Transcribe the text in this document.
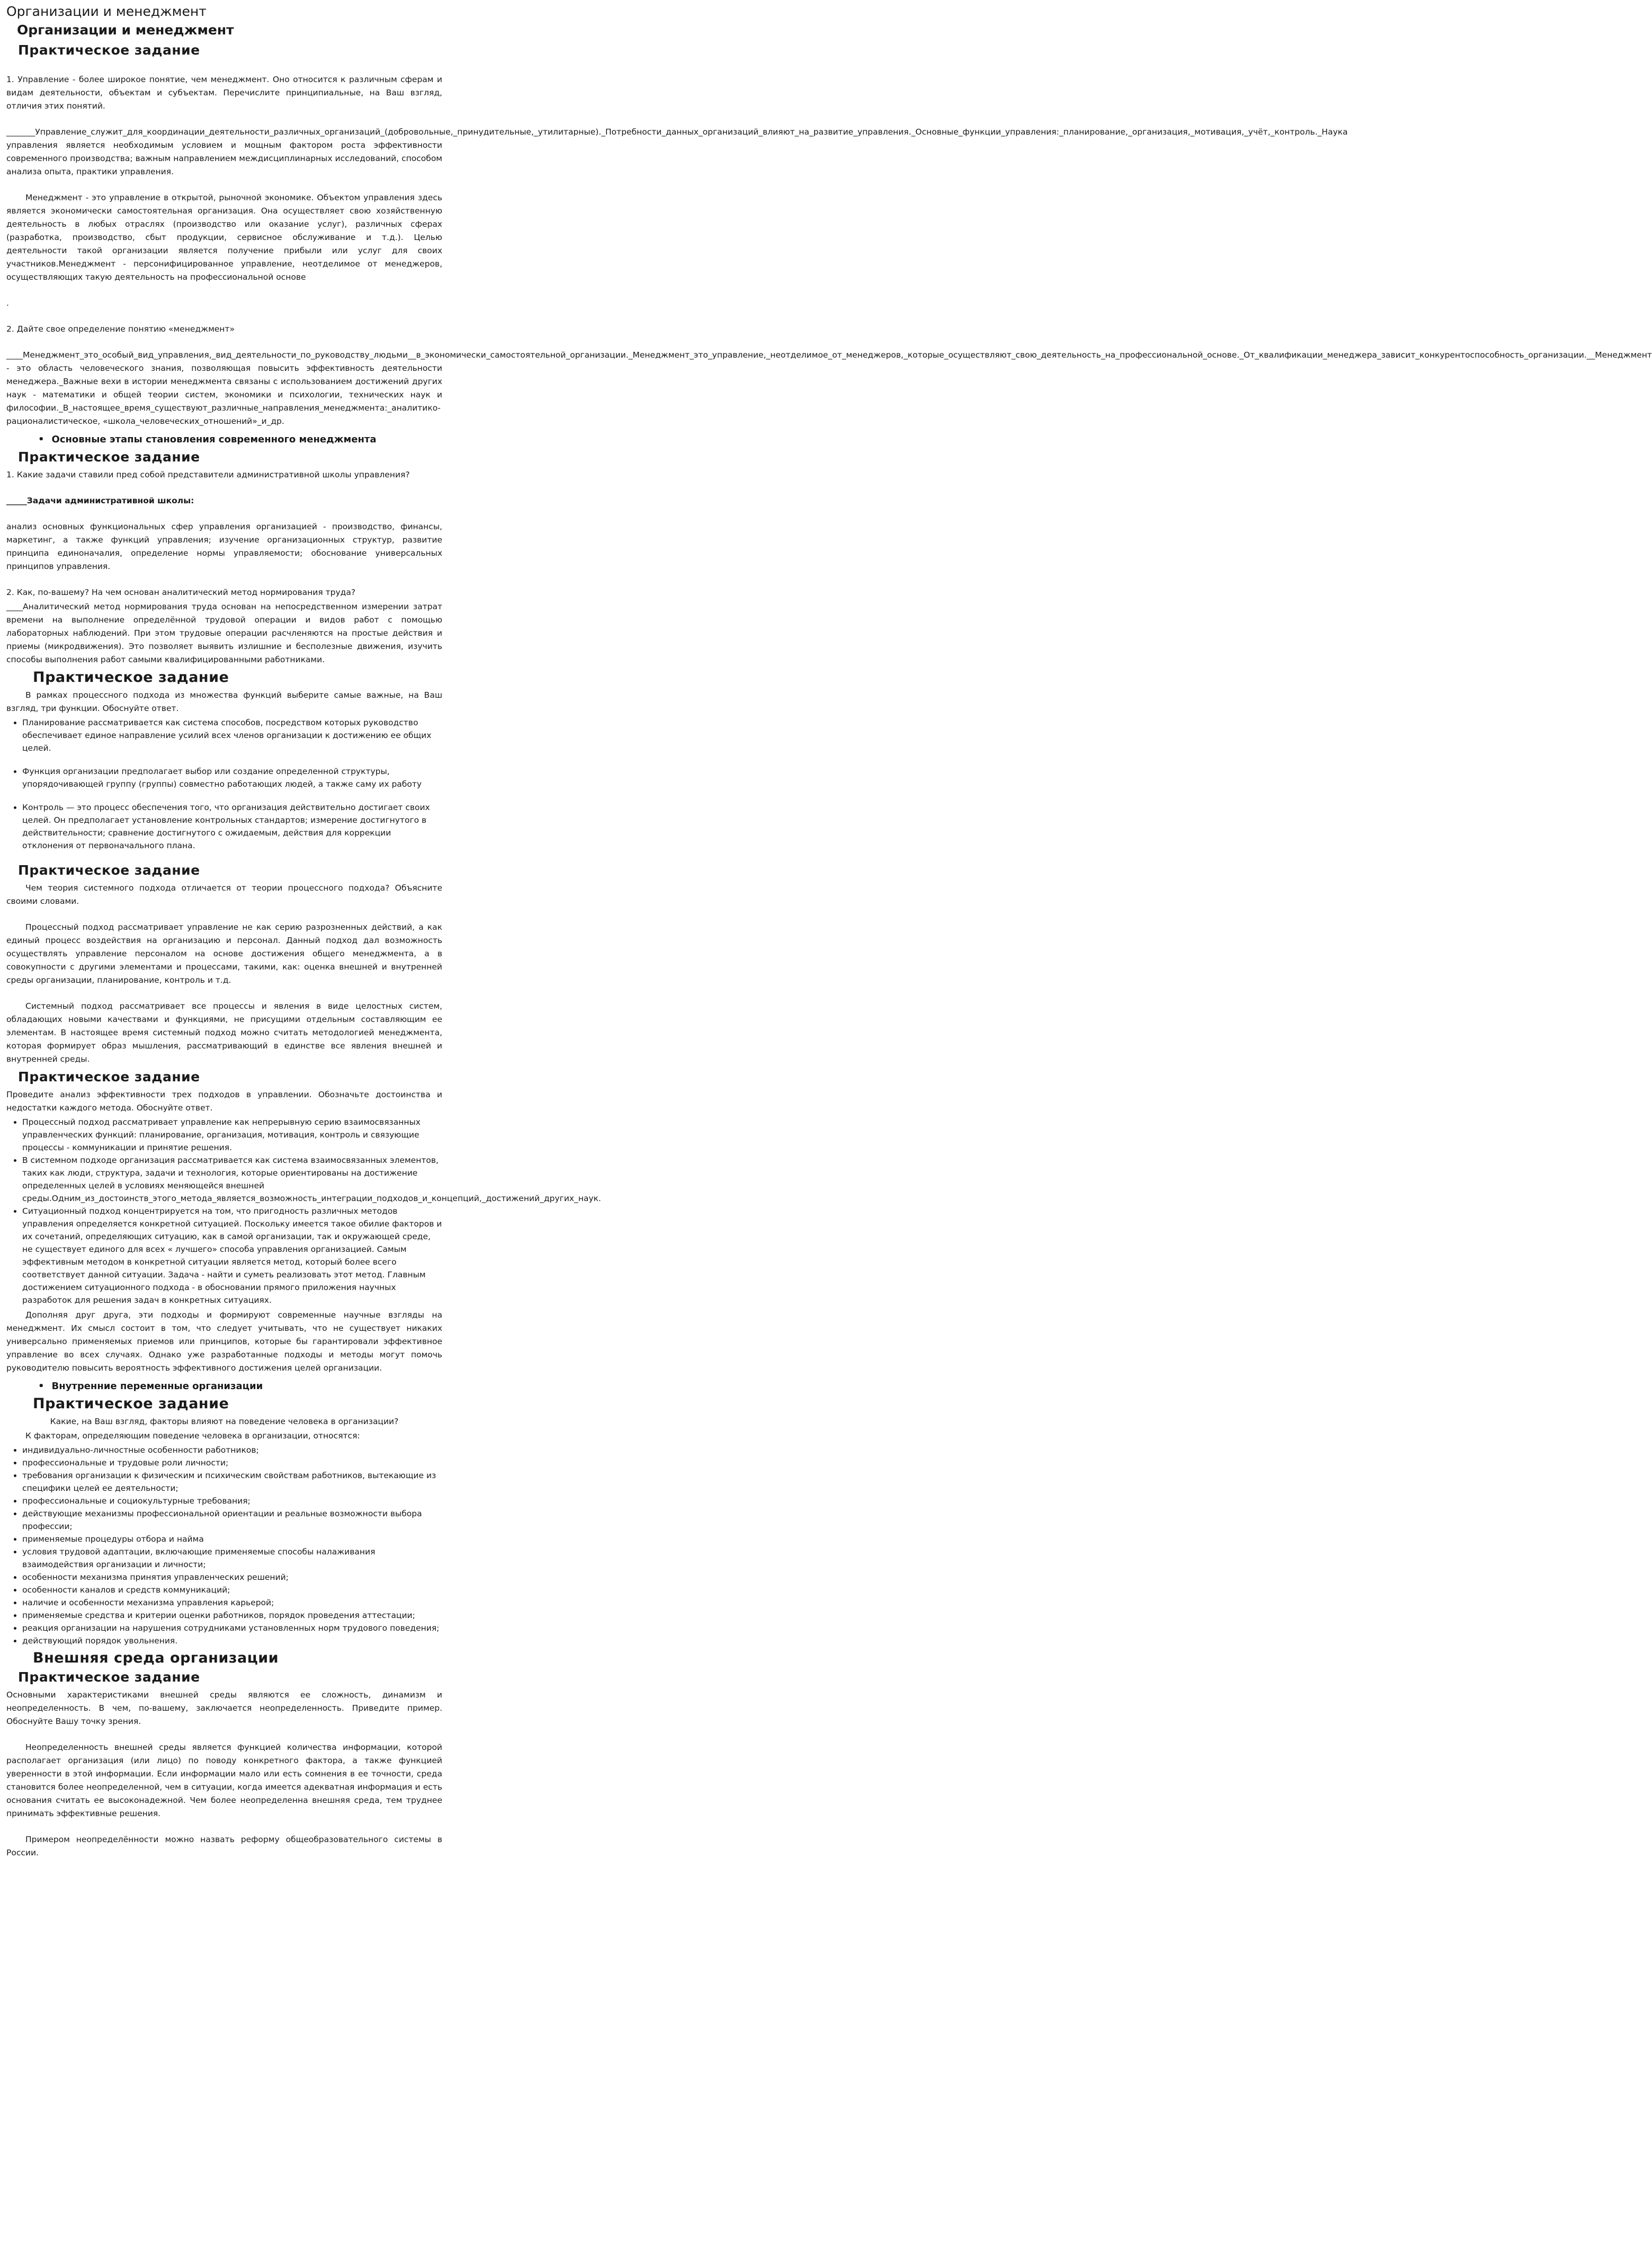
Организации и менеджмент
Организации и менеджмент
Практическое задание

1. Управление - более широкое понятие, чем менеджмент. Оно относится к различным сферам и видам деятельности, объектам и субъектам. Перечислите принципиальные, на Ваш взгляд, отличия этих понятий.

_______Управление_служит_для_координации_деятельности_различных_организаций_(добровольные,_принудительные,_утилитарные)._Потребности_данных_организаций_влияют_на_развитие_управления._Основные_функции_управления:_планирование,_организация,_мотивация,_учёт,_контроль._Наука управления является необходимым условием и мощным фактором роста эффективности современного производства; важным направлением междисциплинарных исследований, способом анализа опыта, практики управления.

Менеджмент - это управление в открытой, рыночной экономике. Объектом управления здесь является экономически самостоятельная организация. Она осуществляет свою хозяйственную деятельность в любых отраслях (производство или оказание услуг), различных сферах (разработка, производство, сбыт продукции, сервисное обслуживание и т.д.). Целью деятельности такой организации является получение прибыли или услуг для своих участников.Менеджмент - персонифицированное управление, неотделимое от менеджеров, осуществляющих такую деятельность на профессиональной основе

.

2. Дайте свое определение понятию «менеджмент»

____Менеджмент_это_особый_вид_управления,_вид_деятельности_по_руководству_людьми__в_экономически_самостоятельной_организации._Менеджмент_это_управление,_неотделимое_от_менеджеров,_которые_осуществляют_свою_деятельность_на_профессиональной_основе._От_квалификации_менеджера_зависит_конкурентоспособность_организации.__Менеджмент - это область человеческого знания, позволяющая повысить эффективность деятельности менеджера._Важные вехи в истории менеджмента связаны с использованием достижений других наук - математики и общей теории систем, экономики и психологии, технических наук и философии._В_настоящее_время_существуют_различные_направления_менеджмента:_аналитико-рационалистическое, «школа_человеческих_отношений»_и_др.

• Основные этапы становления современного менеджмента
Практическое задание

1. Какие задачи ставили пред собой представители административной школы управления?

_____Задачи административной школы:

анализ основных функциональных сфер управления организацией - производство, финансы, маркетинг, а также функций управления; изучение организационных структур, развитие принципа единоначалия, определение нормы управляемости; обоснование универсальных принципов управления.

2. Как, по-вашему? На чем основан аналитический метод нормирования труда?

____Аналитический метод нормирования труда основан на непосредственном измерении затрат времени на выполнение определённой трудовой операции и видов работ с помощью лабораторных наблюдений. При этом трудовые операции расчленяются на простые действия и приемы (микродвижения). Это позволяет выявить излишние и бесполезные движения, изучить способы выполнения работ самыми квалифицированными работниками.

Практическое задание

В рамках процессного подхода из множества функций выберите самые важные, на Ваш взгляд, три функции. Обоснуйте ответ.

• Планирование рассматривается как система способов, посредством которых руководство обеспечивает единое направление усилий всех членов организации к достижению ее общих целей.
• Функция организации предполагает выбор или создание определенной структуры, упорядочивающей группу (группы) совместно работающих людей, а также саму их работу
• Контроль — это процесс обеспечения того, что организация действительно достигает своих целей. Он предполагает установление контрольных стандартов; измерение достигнутого в действительности; сравнение достигнутого с ожидаемым, действия для коррекции отклонения от первоначального плана.
Практическое задание

Чем теория системного подхода отличается от теории процессного подхода? Объясните своими словами.

Процессный подход рассматривает управление не как серию разрозненных действий, а как единый процесс воздействия на организацию и персонал. Данный подход дал возможность осуществлять управление персоналом на основе достижения общего менеджмента, а в совокупности с другими элементами и процессами, такими, как: оценка внешней и внутренней среды организации, планирование, контроль и т.д.

Системный подход рассматривает все процессы и явления в виде целостных систем, обладающих новыми качествами и функциями, не присущими отдельным составляющим ее элементам. В настоящее время системный подход можно считать методологией менеджмента, которая формирует образ мышления, рассматривающий в единстве все явления внешней и внутренней среды.

Практическое задание

Проведите анализ эффективности трех подходов в управлении. Обозначьте достоинства и недостатки каждого метода. Обоснуйте ответ.

• Процессный подход рассматривает управление как непрерывную серию взаимосвязанных управленческих функций: планирование, организация, мотивация, контроль и связующие процессы - коммуникации и принятие решения.
• В системном подходе организация рассматривается как система взаимосвязанных элементов, таких как люди, структура, задачи и технология, которые ориентированы на достижение определенных целей в условиях меняющейся внешней среды.Одним_из_достоинств_этого_метода_является_возможность_интеграции_подходов_и_концепций,_достижений_других_наук.
• Ситуационный подход концентрируется на том, что пригодность различных методов управления определяется конкретной ситуацией. Поскольку имеется такое обилие факторов и их сочетаний, определяющих ситуацию, как в самой организации, так и окружающей среде, не существует единого для всех « лучшего» способа управления организацией. Самым эффективным методом в конкретной ситуации является метод, который более всего соответствует данной ситуации. Задача - найти и суметь реализовать этот метод. Главным достижением ситуационного подхода - в обосновании прямого приложения научных разработок для решения задач в конкретных ситуациях.

Дополняя друг друга, эти подходы и формируют современные научные взгляды на менеджмент. Их смысл состоит в том, что следует учитывать, что не существует никаких универсально применяемых приемов или принципов, которые бы гарантировали эффективное управление во всех случаях. Однако уже разработанные подходы и методы могут помочь руководителю повысить вероятность эффективного достижения целей организации.

• Внутренние переменные организации
Практическое задание

Какие, на Ваш взгляд, факторы влияют на поведение человека в организации?

К факторам, определяющим поведение человека в организации, относятся:

• индивидуально-личностные особенности работников;
• профессиональные и трудовые роли личности;
• требования организации к физическим и психическим свойствам работников, вытекающие из специфики целей ее деятельности;
• профессиональные и социокультурные требования;
• действующие механизмы профессиональной ориентации и реальные возможности выбора профессии;
• применяемые процедуры отбора и найма
• условия трудовой адаптации, включающие применяемые способы налаживания взаимодействия организации и личности;
• особенности механизма принятия управленческих решений;
• особенности каналов и средств коммуникаций;
• наличие и особенности механизма управления карьерой;
• применяемые средства и критерии оценки работников, порядок проведения аттестации;
• реакция организации на нарушения сотрудниками установленных норм трудового поведения;
• действующий порядок увольнения.
Внешняя среда организации
Практическое задание

Основными характеристиками внешней среды являются ее сложность, динамизм и неопределенность. В чем, по-вашему, заключается неопределенность. Приведите пример. Обоснуйте Вашу точку зрения.

Неопределенность внешней среды является функцией количества информации, которой располагает организация (или лицо) по поводу конкретного фактора, а также функцией уверенности в этой информации. Если информации мало или есть сомнения в ее точности, среда становится более неопределенной, чем в ситуации, когда имеется адекватная информация и есть основания считать ее высоконадежной. Чем более неопределенна внешняя среда, тем труднее принимать эффективные решения.

Примером неопределённости можно назвать реформу общеобразовательного системы в России.
